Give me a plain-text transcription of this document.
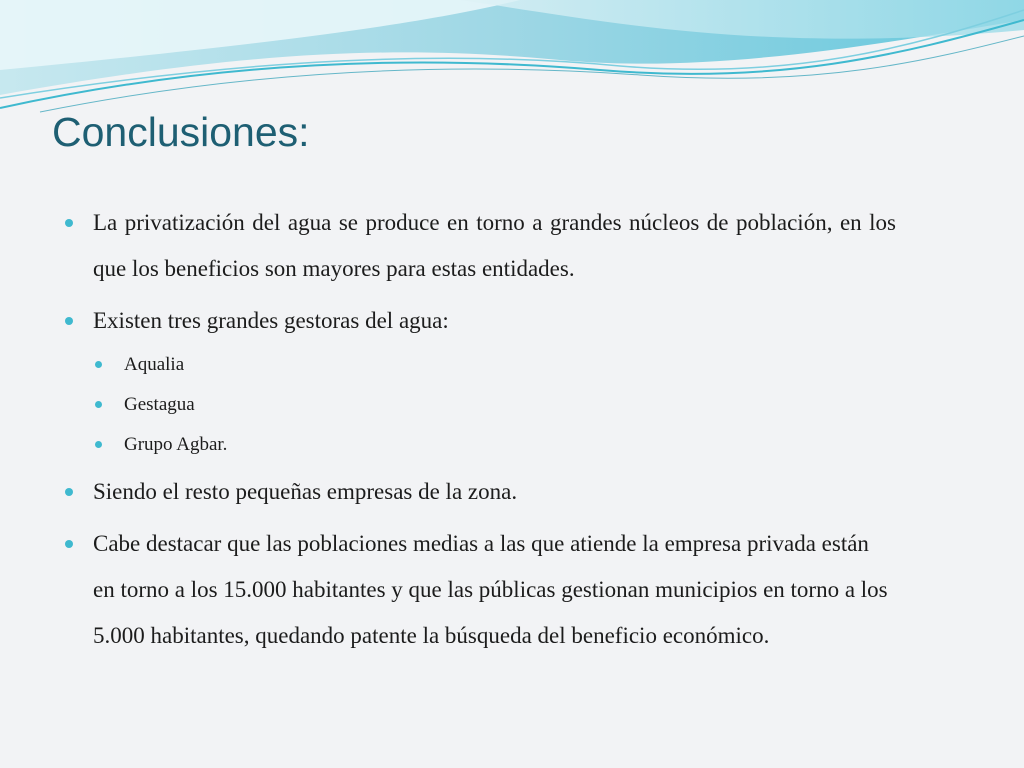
Conclusiones:

La privatización del agua se produce en torno a grandes núcleos de población, en los que los beneficios son mayores para estas entidades.

Existen tres grandes gestoras del agua:

Aqualia

Gestagua

Grupo Agbar.

Siendo el resto pequeñas empresas de la zona.

Cabe destacar que las poblaciones medias a las que atiende la empresa privada están en torno a los 15.000 habitantes y que las públicas gestionan municipios en torno a los 5.000 habitantes, quedando patente la búsqueda del beneficio económico.
